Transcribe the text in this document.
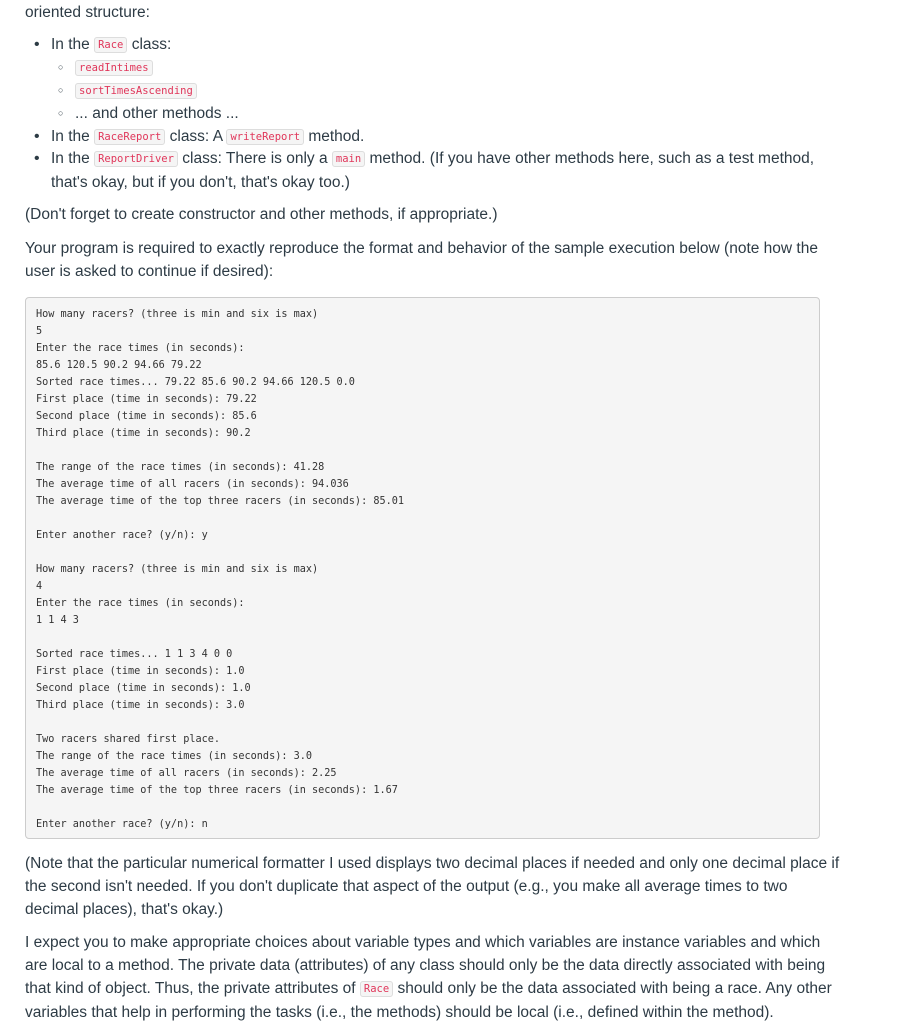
oriented structure:

• In the Race class:
○ readIntimes
○ sortTimesAscending
○ ... and other methods ...
• In the RaceReport class: A writeReport method.
• In the ReportDriver class: There is only a main method. (If you have other methods here, such as a test method, that's okay, but if you don't, that's okay too.)

(Don't forget to create constructor and other methods, if appropriate.)

Your program is required to exactly reproduce the format and behavior of the sample execution below (note how the user is asked to continue if desired):

How many racers? (three is min and six is max)
5
Enter the race times (in seconds):
85.6 120.5 90.2 94.66 79.22
Sorted race times... 79.22 85.6 90.2 94.66 120.5 0.0
First place (time in seconds): 79.22
Second place (time in seconds): 85.6
Third place (time in seconds): 90.2

The range of the race times (in seconds): 41.28
The average time of all racers (in seconds): 94.036
The average time of the top three racers (in seconds): 85.01

Enter another race? (y/n): y

How many racers? (three is min and six is max)
4
Enter the race times (in seconds):
1 1 4 3

Sorted race times... 1 1 3 4 0 0
First place (time in seconds): 1.0
Second place (time in seconds): 1.0
Third place (time in seconds): 3.0

Two racers shared first place.
The range of the race times (in seconds): 3.0
The average time of all racers (in seconds): 2.25
The average time of the top three racers (in seconds): 1.67

Enter another race? (y/n): n

(Note that the particular numerical formatter I used displays two decimal places if needed and only one decimal place if the second isn't needed. If you don't duplicate that aspect of the output (e.g., you make all average times to two decimal places), that's okay.)

I expect you to make appropriate choices about variable types and which variables are instance variables and which are local to a method. The private data (attributes) of any class should only be the data directly associated with being that kind of object. Thus, the private attributes of Race should only be the data associated with being a race. Any other variables that help in performing the tasks (i.e., the methods) should be local (i.e., defined within the method).
